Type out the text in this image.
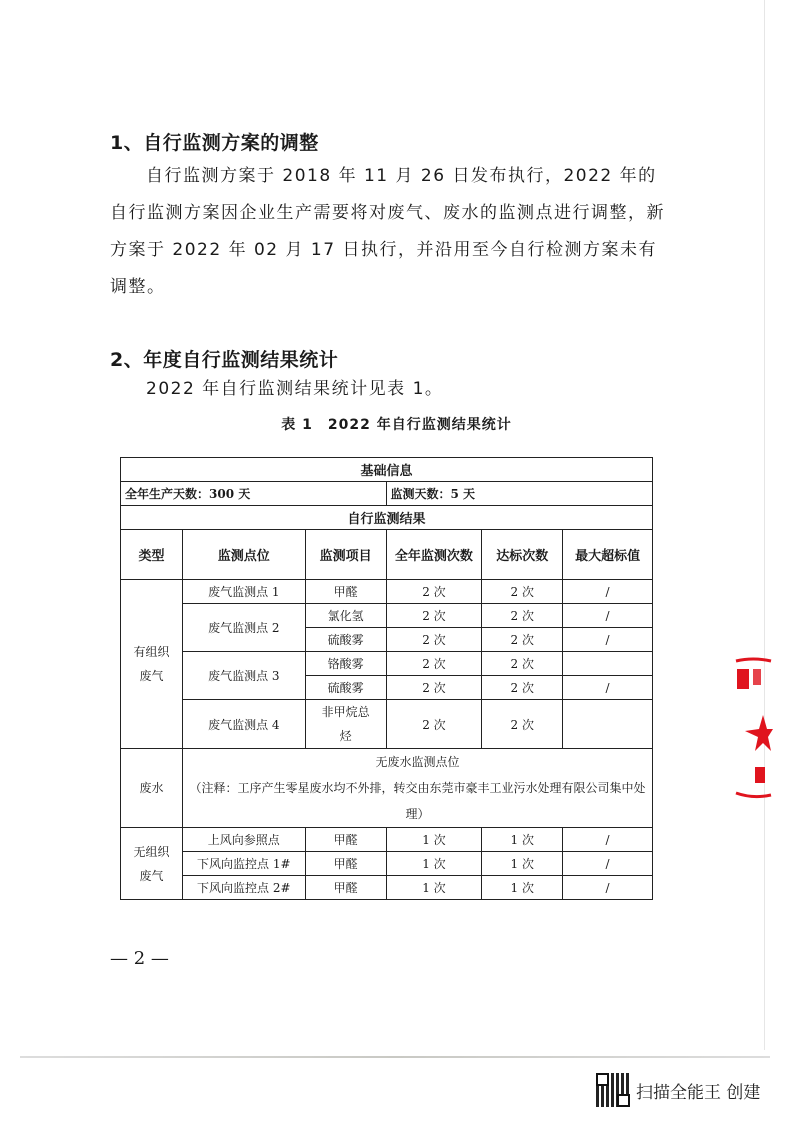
1、自行监测方案的调整
自行监测方案于 2018 年 11 月 26 日发布执行，2022 年的自行监测方案因企业生产需要将对废气、废水的监测点进行调整，新方案于 2022 年 02 月 17 日执行，并沿用至今自行检测方案未有调整。
2、年度自行监测结果统计
2022 年自行监测结果统计见表 1。
表 1　2022 年自行监测结果统计
基础信息					
全年生产天数：300 天			监测天数：5 天		
自行监测结果					
类型	监测点位	监测项目	全年监测次数	达标次数	最大超标值
有组织废气	废气监测点 1	甲醛	2 次	2 次	/
	废气监测点 2	氯化氢	2 次	2 次	/
		硫酸雾	2 次	2 次	/
	废气监测点 3	铬酸雾	2 次	2 次	
		硫酸雾	2 次	2 次	/
	废气监测点 4	非甲烷总烃	2 次	2 次	
废水	无废水监测点位
（注释：工序产生零星废水均不外排，转交由东莞市豪丰工业污水处理有限公司集中处理）				

无组织废气	上风向参照点	甲醛	1 次	1 次	/
	下风向监控点 1#	甲醛	1 次	1 次	/
	下风向监控点 2#	甲醛	1 次	1 次	/
— 2 —
扫描全能王 创建
